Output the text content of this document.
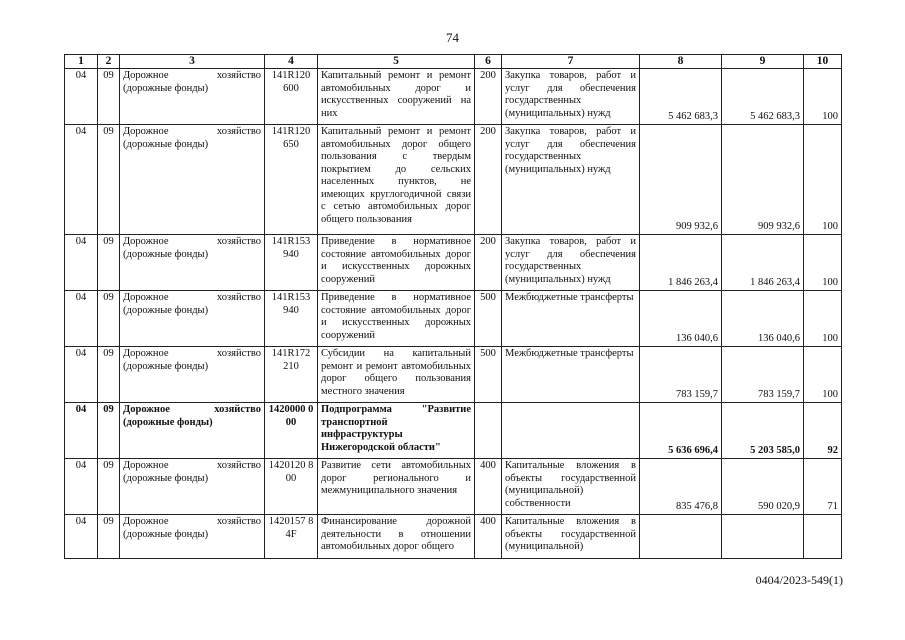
74
1	2	3	4	5	6	7	8	9	10
04	09	Дорожное хозяйство (дорожные фонды)	141R120 600	Капитальный ремонт и ремонт автомобильных дорог и искусственных сооружений на них	200	Закупка товаров, работ и услуг для обеспечения государственных (муниципальных) нужд	5 462 683,3	5 462 683,3	100
04	09	Дорожное хозяйство (дорожные фонды)	141R120 650	Капитальный ремонт и ремонт автомобильных дорог общего пользования с твердым покрытием до сельских населенных пунктов, не имеющих круглогодичной связи с сетью автомобильных дорог общего пользования	200	Закупка товаров, работ и услуг для обеспечения государственных (муниципальных) нужд	909 932,6	909 932,6	100
04	09	Дорожное хозяйство (дорожные фонды)	141R153 940	Приведение в нормативное состояние автомобильных дорог и искусственных дорожных сооружений	200	Закупка товаров, работ и услуг для обеспечения государственных (муниципальных) нужд	1 846 263,4	1 846 263,4	100
04	09	Дорожное хозяйство (дорожные фонды)	141R153 940	Приведение в нормативное состояние автомобильных дорог и искусственных дорожных сооружений	500	Межбюджетные трансферты	136 040,6	136 040,6	100
04	09	Дорожное хозяйство (дорожные фонды)	141R172 210	Субсидии на капитальный ремонт и ремонт автомобильных дорог общего пользования местного значения	500	Межбюджетные трансферты	783 159,7	783 159,7	100
04	09	Дорожное хозяйство (дорожные фонды)	1420000 000	Подпрограмма "Развитие транспортной инфраструктуры Нижегородской области"			5 636 696,4	5 203 585,0	92
04	09	Дорожное хозяйство (дорожные фонды)	1420120 800	Развитие сети автомобильных дорог регионального и межмуниципального значения	400	Капитальные вложения в объекты государственной (муниципальной) собственности	835 476,8	590 020,9	71
04	09	Дорожное хозяйство (дорожные фонды)	1420157 84F	Финансирование дорожной деятельности в отношении автомобильных дорог общего	400	Капитальные вложения в объекты государственной (муниципальной)			
0404/2023-549(1)
